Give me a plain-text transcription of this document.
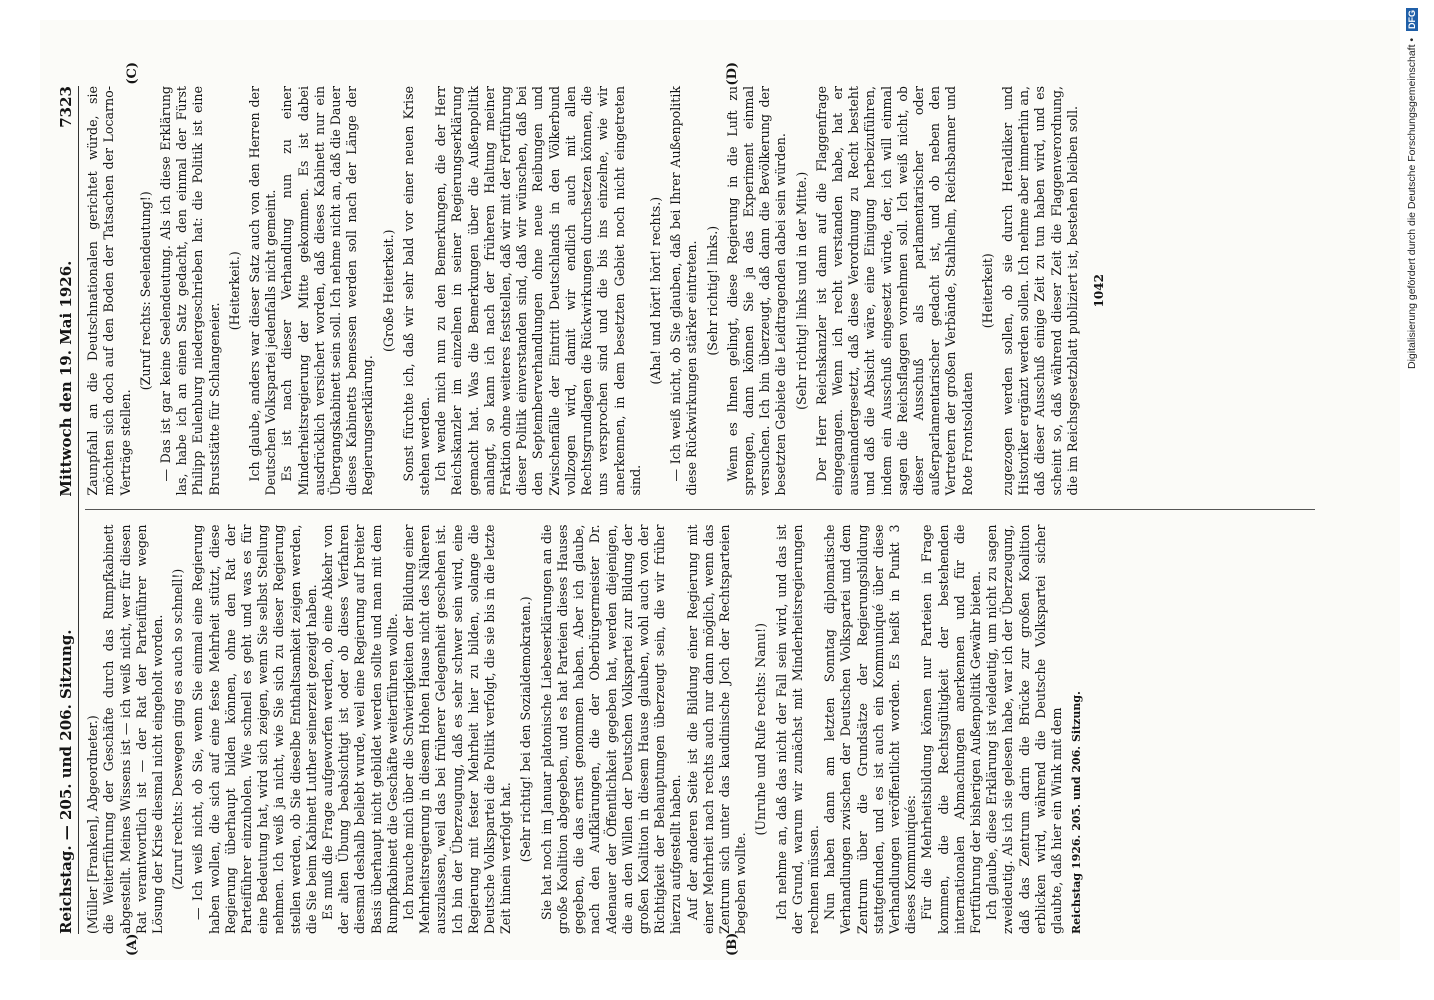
Reichstag. — 205. und 206. Sitzung.
Mittwoch den 19. Mai 1926.
7323
(A)	(B)

(Müller [Franken], Abgeordneter.) die Weiterführung der Geschäfte durch das Rumpfkabinett abgestellt. Meines Wissens ist — ich weiß nicht, wer für diesen Rat verantwortlich ist — der Rat der Parteiführer wegen Lösung der Krise diesmal nicht eingeholt worden. (Zuruf rechts: Deswegen ging es auch so schnell!) — Ich weiß nicht, ob Sie, wenn Sie einmal eine Regierung haben wollen, die sich auf eine feste Mehrheit stützt, diese Regierung überhaupt bilden können, ohne den Rat der Parteiführer einzuholen. Wie schnell es geht und was es für eine Bedeutung hat, wird sich zeigen, wenn Sie selbst Stellung nehmen. Ich weiß ja nicht, wie Sie sich zu dieser Regierung stellen werden, ob Sie dieselbe Enthaltsamkeit zeigen werden, die Sie beim Kabinett Luther seinerzeit gezeigt haben. Es muß die Frage aufgeworfen werden, ob eine Abkehr von der alten Übung beabsichtigt ist oder ob dieses Verfahren diesmal deshalb beliebt wurde, weil eine Regierung auf breiter Basis überhaupt nicht gebildet werden sollte und man mit dem Rumpfkabinett die Geschäfte weiterführen wollte. Ich brauche mich über die Schwierigkeiten der Bildung einer Mehrheitsregierung in diesem Hohen Hause nicht des Näheren auszulassen, weil das bei früherer Gelegenheit geschehen ist. Ich bin der Überzeugung, daß es sehr schwer sein wird, eine Regierung mit fester Mehrheit hier zu bilden, solange die Deutsche Volkspartei die Politik verfolgt, die sie bis in die letzte Zeit hinein verfolgt hat. (Sehr richtig! bei den Sozialdemokraten.) Sie hat noch im Januar platonische Liebeserklärungen an die große Koalition abgegeben, und es hat Parteien dieses Hauses gegeben, die das ernst genommen haben. Aber ich glaube, nach den Aufklärungen, die der Oberbürgermeister Dr. Adenauer der Öffentlichkeit gegeben hat, werden diejenigen, die an den Willen der Deutschen Volkspartei zur Bildung der großen Koalition in diesem Hause glauben, wohl auch von der Richtigkeit der Behauptungen überzeugt sein, die wir früher hierzu aufgestellt haben. Auf der anderen Seite ist die Bildung einer Regierung mit einer Mehrheit nach rechts auch nur dann möglich, wenn das Zentrum sich unter das kaudinische Joch der Rechtsparteien begeben wollte.

(Unruhe und Rufe rechts: Nanu!) Ich nehme an, daß das nicht der Fall sein wird, und das ist der Grund, warum wir zunächst mit Minderheitsregierungen rechnen müssen. Nun haben dann am letzten Sonntag diplomatische Verhandlungen zwischen der Deutschen Volkspartei und dem Zentrum über die Grundsätze der Regierungsbildung stattgefunden, und es ist auch ein Kommuniqué über diese Verhandlungen veröffentlicht worden. Es heißt in Punkt 3 dieses Kommuniqués: Für die Mehrheitsbildung können nur Parteien in Frage kommen, die die Rechtsgültigkeit der bestehenden internationalen Abmachungen anerkennen und für die Fortführung der bisherigen Außenpolitik Gewähr bieten. Ich glaube, diese Erklärung ist vieldeutig, um nicht zu sagen zweideutig. Als ich sie gelesen habe, war ich der Überzeugung, daß das Zentrum darin die Brücke zur großen Koalition erblicken wird, während die Deutsche Volkspartei sicher glaubte, daß hier ein Wink mit dem Reichstag 1926. 205. und 206. Sitzung.
(C)	(D)

Zaunpfahl an die Deutschnationalen gerichtet würde, sie möchten sich doch auf den Boden der Tatsachen der Locarno-Verträge stellen.

(Zuruf rechts: Seelendeutung!) — Das ist gar keine Seelendeutung. Als ich diese Erklärung las, habe ich an einen Satz gedacht, den einmal der Fürst Philipp Eulenburg niedergeschrieben hat: die Politik ist eine Bruststätte für Schlangeneier.

(Heiterkeit.) Ich glaube, anders war dieser Satz auch von den Herren der Deutschen Volkspartei jedenfalls nicht gemeint. Es ist nach dieser Verhandlung nun zu einer Minderheitsregierung der Mitte gekommen. Es ist dabei ausdrücklich versichert worden, daß dieses Kabinett nur ein Übergangskabinett sein soll. Ich nehme nicht an, daß die Dauer dieses Kabinetts bemessen werden soll nach der Länge der Regierungserklärung.

(Große Heiterkeit.) Sonst fürchte ich, daß wir sehr bald vor einer neuen Krise stehen werden. Ich wende mich nun zu den Bemerkungen, die der Herr Reichskanzler im einzelnen in seiner Regierungserklärung gemacht hat. Was die Bemerkungen über die Außenpolitik anlangt, so kann ich nach der früheren Haltung meiner Fraktion ohne weiteres feststellen, daß wir mit der Fortführung dieser Politik einverstanden sind, daß wir wünschen, daß bei den Septemberverhandlungen ohne neue Reibungen und Zwischenfälle der Eintritt Deutschlands in den Völkerbund vollzogen wird, damit wir endlich auch mit allen Rechtsgrundlagen die Rückwirkungen durchsetzen können, die uns versprochen sind und die bis ins einzelne, wie wir anerkennen, in dem besetzten Gebiet noch nicht eingetreten sind.

(Aha! und hört! hört! rechts.) — Ich weiß nicht, ob Sie glauben, daß bei Ihrer Außenpolitik diese Rückwirkungen stärker eintreten. (Sehr richtig! links.) Wenn es Ihnen gelingt, diese Regierung in die Luft zu sprengen, dann können Sie ja das Experiment einmal versuchen. Ich bin überzeugt, daß dann die Bevölkerung der besetzten Gebiete die Leidtragenden dabei sein würden. (Sehr richtig! links und in der Mitte.) Der Herr Reichskanzler ist dann auf die Flaggenfrage eingegangen. Wenn ich recht verstanden habe, hat er auseinandergesetzt, daß diese Verordnung zu Recht besteht und daß die Absicht wäre, eine Einigung herbeizuführen, indem ein Ausschuß eingesetzt würde, der, ich will einmal sagen die Reichsflaggen vornehmen soll. Ich weiß nicht, ob dieser Ausschuß als parlamentarischer oder außerparlamentarischer gedacht ist, und ob neben den Vertretern der großen Verbände, Stahlhelm, Reichsbanner und Rote Frontsoldaten

(Heiterkeit) zugezogen werden sollen, ob sie durch Heraldiker und Historiker ergänzt werden sollen. Ich nehme aber immerhin an, daß dieser Ausschuß einige Zeit zu tun haben wird, und es scheint so, daß während dieser Zeit die Flaggenverordnung, die im Reichsgesetzblatt publiziert ist, bestehen bleiben soll. 1042	Digitalisierung gefördert durch die Deutsche Forschungsgemeinschaft • DFG
